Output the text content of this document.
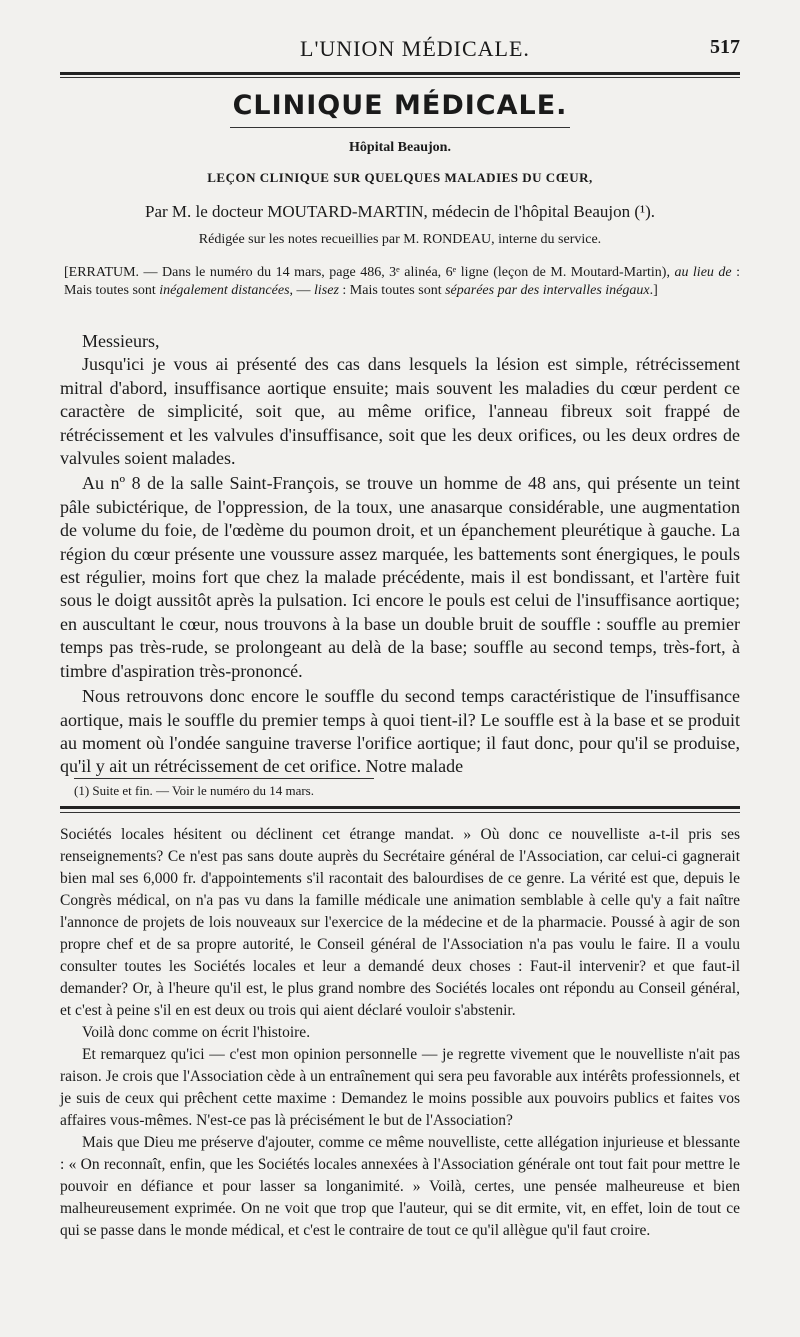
L'UNION MÉDICALE.	517
CLINIQUE MÉDICALE.
Hôpital Beaujon.
LEÇON CLINIQUE SUR QUELQUES MALADIES DU CŒUR,
Par M. le docteur MOUTARD-MARTIN, médecin de l'hôpital Beaujon (¹).
Rédigée sur les notes recueillies par M. RONDEAU, interne du service.
[ERRATUM. — Dans le numéro du 14 mars, page 486, 3ᵉ alinéa, 6ᵉ ligne (leçon de M. Moutard-Martin), au lieu de : Mais toutes sont inégalement distancées, — lisez : Mais toutes sont séparées par des intervalles inégaux.]

Messieurs,

Jusqu'ici je vous ai présenté des cas dans lesquels la lésion est simple, rétrécissement mitral d'abord, insuffisance aortique ensuite; mais souvent les maladies du cœur perdent ce caractère de simplicité, soit que, au même orifice, l'anneau fibreux soit frappé de rétrécissement et les valvules d'insuffisance, soit que les deux orifices, ou les deux ordres de valvules soient malades.

Au nº 8 de la salle Saint-François, se trouve un homme de 48 ans, qui présente un teint pâle subictérique, de l'oppression, de la toux, une anasarque considérable, une augmentation de volume du foie, de l'œdème du poumon droit, et un épanchement pleurétique à gauche. La région du cœur présente une voussure assez marquée, les battements sont énergiques, le pouls est régulier, moins fort que chez la malade précédente, mais il est bondissant, et l'artère fuit sous le doigt aussitôt après la pulsation. Ici encore le pouls est celui de l'insuffisance aortique; en auscultant le cœur, nous trouvons à la base un double bruit de souffle : souffle au premier temps pas très-rude, se prolongeant au delà de la base; souffle au second temps, très-fort, à timbre d'aspiration très-prononcé.

Nous retrouvons donc encore le souffle du second temps caractéristique de l'insuffisance aortique, mais le souffle du premier temps à quoi tient-il? Le souffle est à la base et se produit au moment où l'ondée sanguine traverse l'orifice aortique; il faut donc, pour qu'il se produise, qu'il y ait un rétrécissement de cet orifice. Notre malade

(1) Suite et fin. — Voir le numéro du 14 mars.

Sociétés locales hésitent ou déclinent cet étrange mandat. » Où donc ce nouvelliste a-t-il pris ses renseignements? Ce n'est pas sans doute auprès du Secrétaire général de l'Association, car celui-ci gagnerait bien mal ses 6,000 fr. d'appointements s'il racontait des balourdises de ce genre. La vérité est que, depuis le Congrès médical, on n'a pas vu dans la famille médicale une animation semblable à celle qu'y a fait naître l'annonce de projets de lois nouveaux sur l'exercice de la médecine et de la pharmacie. Poussé à agir de son propre chef et de sa propre autorité, le Conseil général de l'Association n'a pas voulu le faire. Il a voulu consulter toutes les Sociétés locales et leur a demandé deux choses : Faut-il intervenir? et que faut-il demander? Or, à l'heure qu'il est, le plus grand nombre des Sociétés locales ont répondu au Conseil général, et c'est à peine s'il en est deux ou trois qui aient déclaré vouloir s'abstenir.

Voilà donc comme on écrit l'histoire.

Et remarquez qu'ici — c'est mon opinion personnelle — je regrette vivement que le nouvelliste n'ait pas raison. Je crois que l'Association cède à un entraînement qui sera peu favorable aux intérêts professionnels, et je suis de ceux qui prêchent cette maxime : Demandez le moins possible aux pouvoirs publics et faites vos affaires vous-mêmes. N'est-ce pas là précisément le but de l'Association?

Mais que Dieu me préserve d'ajouter, comme ce même nouvelliste, cette allégation injurieuse et blessante : « On reconnaît, enfin, que les Sociétés locales annexées à l'Association générale ont tout fait pour mettre le pouvoir en défiance et pour lasser sa longanimité. » Voilà, certes, une pensée malheureuse et bien malheureusement exprimée. On ne voit que trop que l'auteur, qui se dit ermite, vit, en effet, loin de tout ce qui se passe dans le monde médical, et c'est le contraire de tout ce qu'il allègue qu'il faut croire.
